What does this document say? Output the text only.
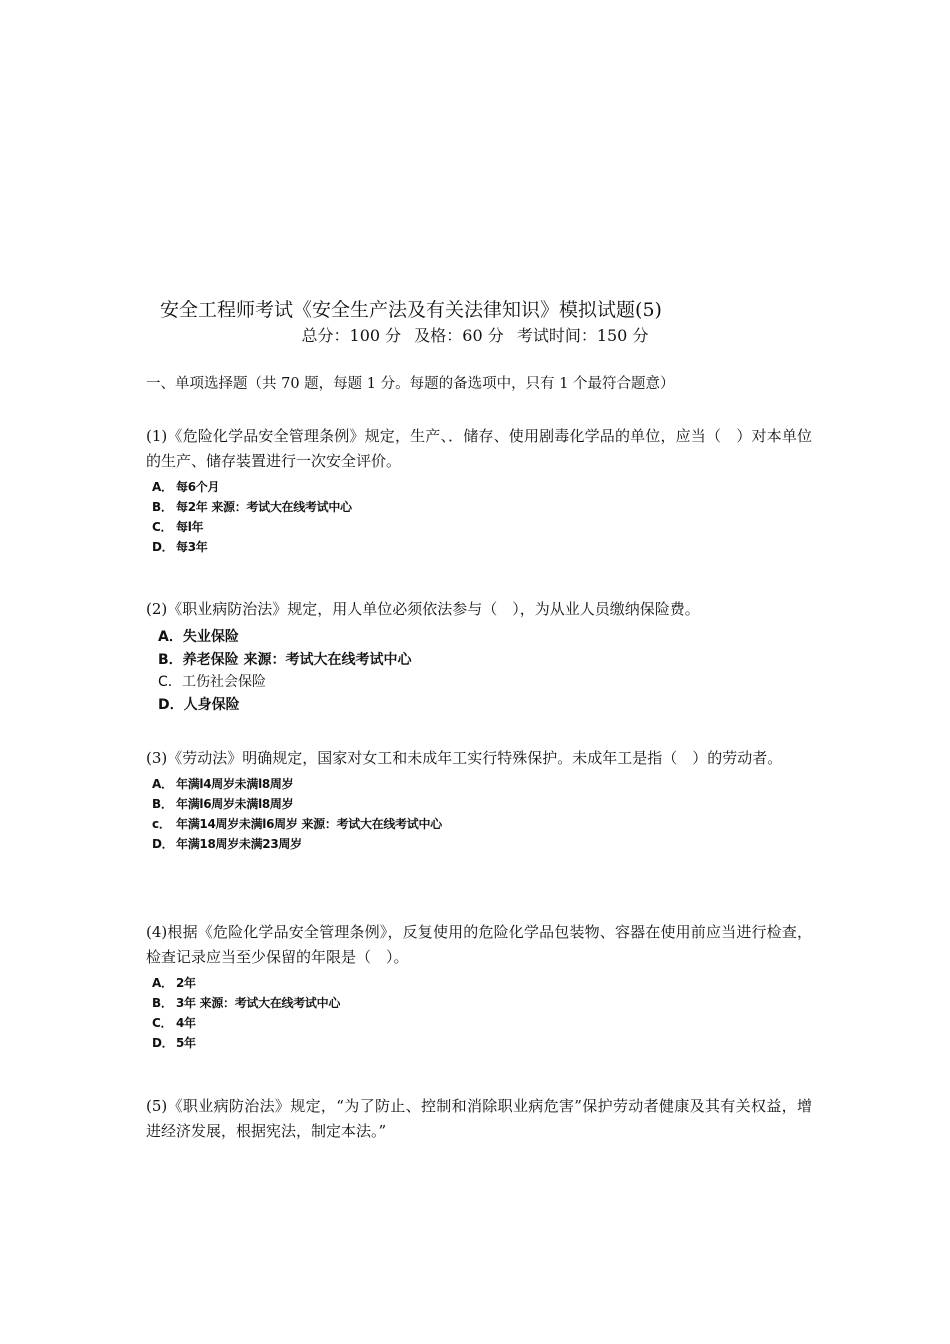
安全工程师考试《安全生产法及有关法律知识》模拟试题(5)
总分：100 分 及格：60 分 考试时间：150 分
一、单项选择题（共 70 题，每题 1 分。每题的备选项中，只有 1 个最符合题意）

(1)《危险化学品安全管理条例》规定，生产、．储存、使用剧毒化学品的单位，应当（　）对本单位的生产、储存装置进行一次安全评价。

A． 每6个月
B． 每2年 来源：考试大在线考试中心
C． 每l年
D． 每3年

(2)《职业病防治法》规定，用人单位必须依法参与（　），为从业人员缴纳保险费。

A．失业保险
B．养老保险 来源：考试大在线考试中心
C．工伤社会保险
D．人身保险

(3)《劳动法》明确规定，国家对女工和未成年工实行特殊保护。未成年工是指（　）的劳动者。

A． 年满l4周岁未满l8周岁
B． 年满l6周岁未满l8周岁
c． 年满14周岁未满l6周岁 来源：考试大在线考试中心
D． 年满18周岁未满23周岁

(4)根据《危险化学品安全管理条例》，反复使用的危险化学品包装物、容器在使用前应当进行检查，检查记录应当至少保留的年限是（　）。

A． 2年
B． 3年 来源：考试大在线考试中心
C． 4年
D． 5年

(5)《职业病防治法》规定，“为了防止、控制和消除职业病危害”保护劳动者健康及其有关权益，增进经济发展，根据宪法，制定本法。”
